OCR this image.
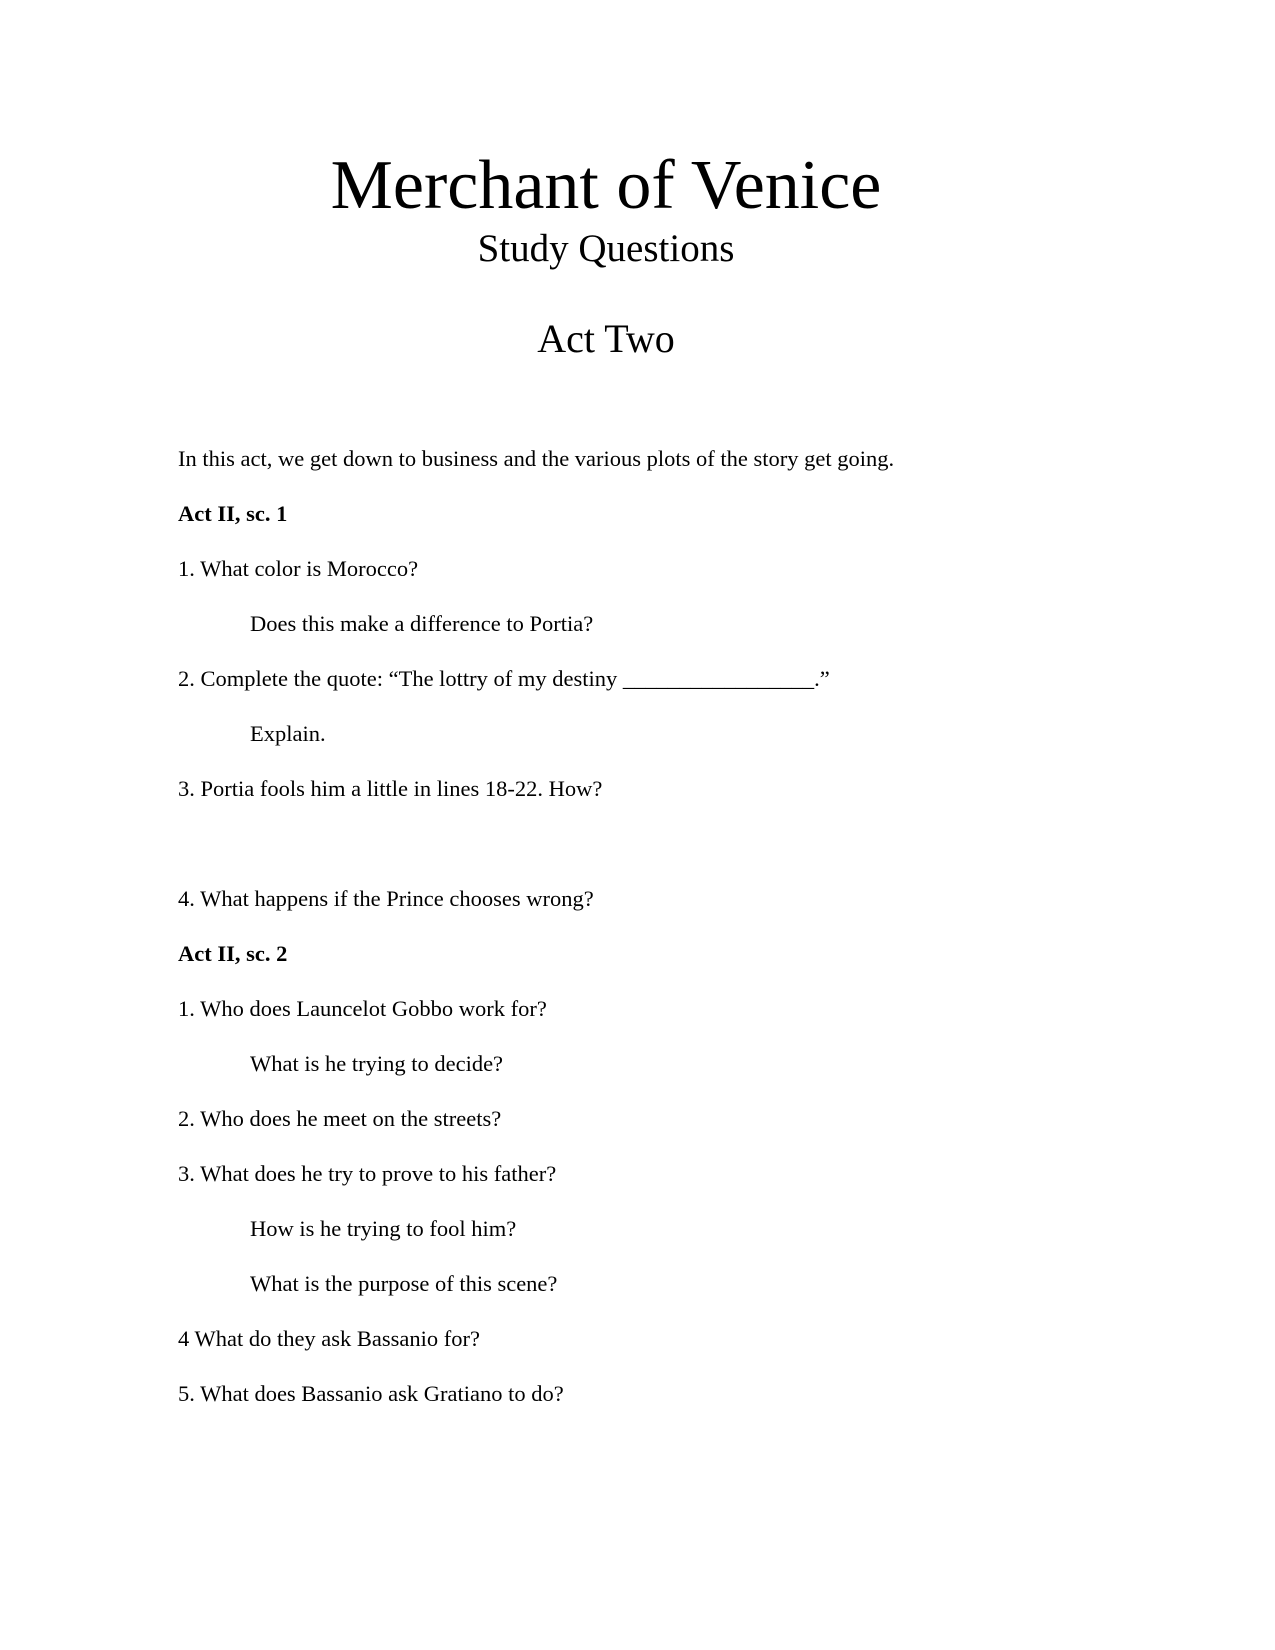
Merchant of Venice
Study Questions
Act Two
In this act, we get down to business and the various plots of the story get going.
Act II, sc. 1
1. What color is Morocco?
Does this make a difference to Portia?
2. Complete the quote: “The lottry of my destiny _________________.”
Explain.
3. Portia fools him a little in lines 18-22. How?
4. What happens if the Prince chooses wrong?
Act II, sc. 2
1. Who does Launcelot Gobbo work for?
What is he trying to decide?
2. Who does he meet on the streets?
3. What does he try to prove to his father?
How is he trying to fool him?
What is the purpose of this scene?
4 What do they ask Bassanio for?
5. What does Bassanio ask Gratiano to do?
